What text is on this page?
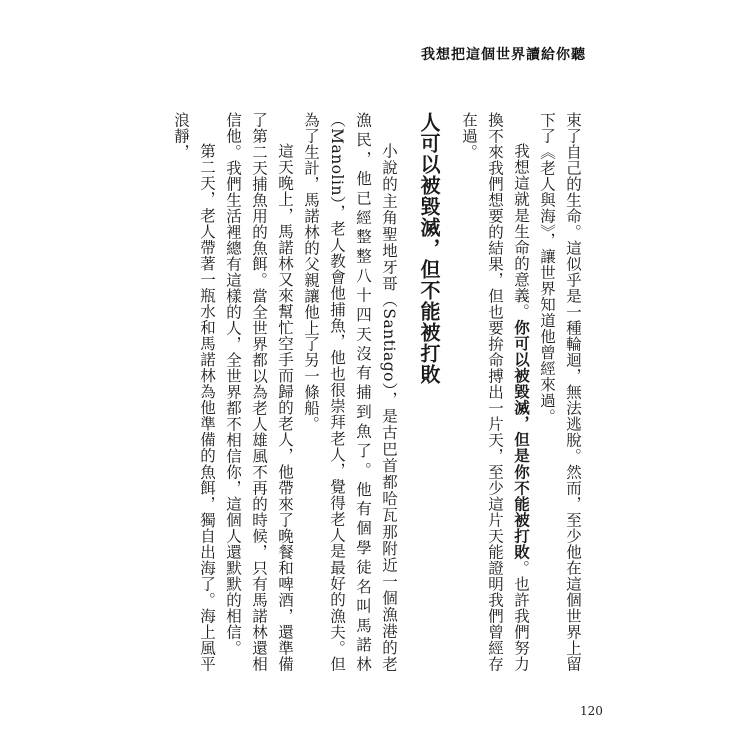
我想把這個世界讀給你聽

束了自己的生命。這似乎是一種輪迴，無法逃脫。然而，至少他在這個世界上留下了《老人與海》，讓世界知道他曾經來過。

我想這就是生命的意義。你可以被毀滅，但是你不能被打敗。也許我們努力換不來我們想要的結果，但也要拚命搏出一片天，至少這片天能證明我們曾經存在過。

人可以被毀滅，但不能被打敗

小說的主角聖地牙哥（Santiago），是古巴首都哈瓦那附近一個漁港的老漁民，他已經整整八十四天沒有捕到魚了。他有個學徒名叫馬諾林（Manolin），老人教會他捕魚，他也很崇拜老人，覺得老人是最好的漁夫。但為了生計，馬諾林的父親讓他上了另一條船。

這天晚上，馬諾林又來幫忙空手而歸的老人，他帶來了晚餐和啤酒，還準備了第二天捕魚用的魚餌。當全世界都以為老人雄風不再的時候，只有馬諾林還相信他。我們生活裡總有這樣的人，全世界都不相信你，這個人還默默的相信。

第二天，老人帶著一瓶水和馬諾林為他準備的魚餌，獨自出海了。海上風平浪靜，

120
